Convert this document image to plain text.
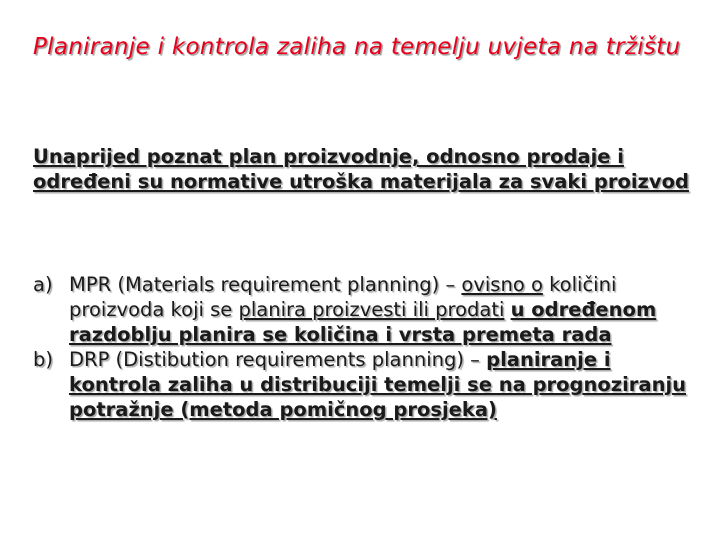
Planiranje i kontrola zaliha na temelju uvjeta na tržištu

Unaprijed poznat plan proizvodnje, odnosno prodaje i određeni su normative utroška materijala za svaki proizvod

a) MPR (Materials requirement planning) – ovisno o količini proizvoda koji se planira proizvesti ili prodati u određenom razdoblju planira se količina i vrsta premeta rada
b) DRP (Distibution requirements planning) – planiranje i kontrola zaliha u distribuciji temelji se na prognoziranju potražnje (metoda pomičnog prosjeka)
